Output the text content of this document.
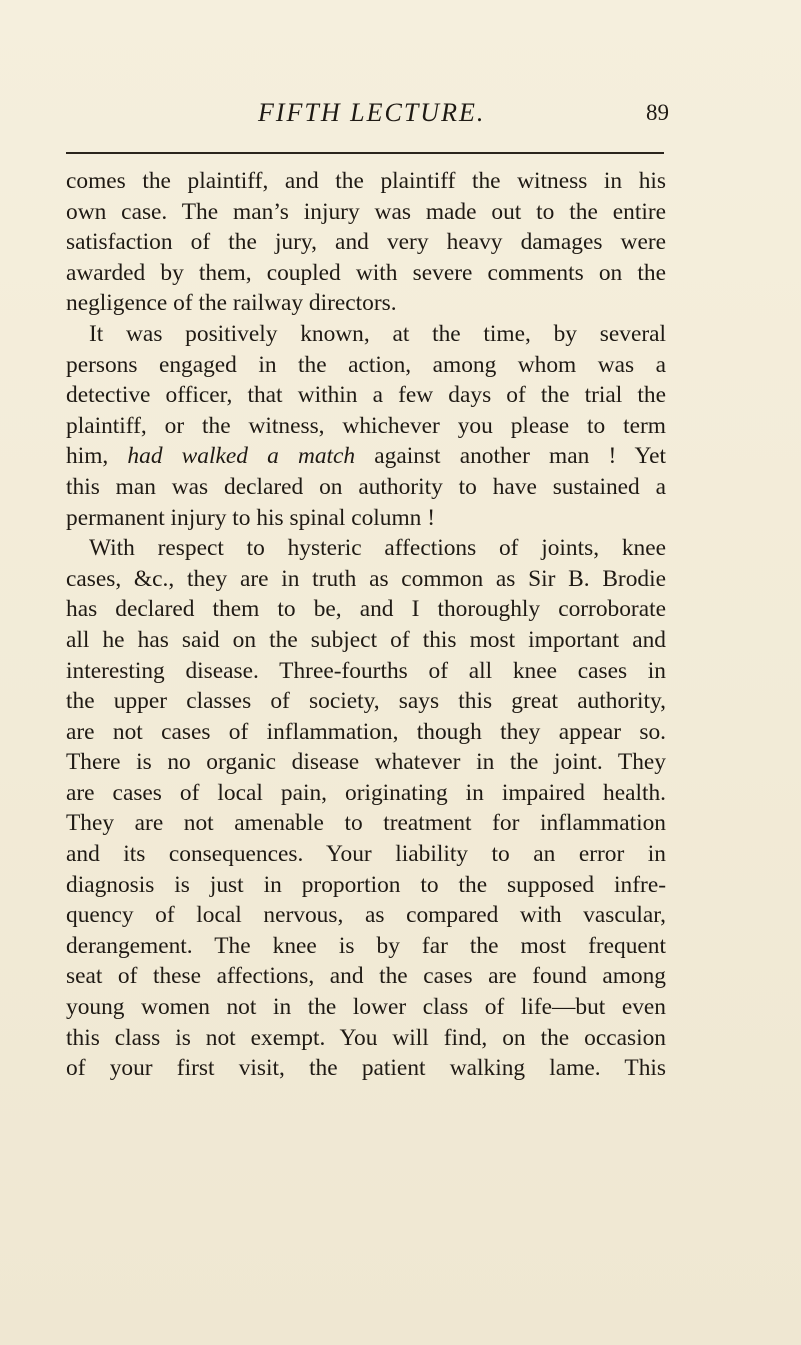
FIFTH LECTURE.	89
comes the plaintiff, and the plaintiff the witness in his
own case. The man’s injury was made out to the entire
satisfaction of the jury, and very heavy damages were
awarded by them, coupled with severe comments on the
negligence of the railway directors.
It was positively known, at the time, by several
persons engaged in the action, among whom was a
detective officer, that within a few days of the trial the
plaintiff, or the witness, whichever you please to term
him, had walked a match against another man ! Yet
this man was declared on authority to have sustained a
permanent injury to his spinal column !
With respect to hysteric affections of joints, knee
cases, &c., they are in truth as common as Sir B. Brodie
has declared them to be, and I thoroughly corroborate
all he has said on the subject of this most important and
interesting disease. Three-fourths of all knee cases in
the upper classes of society, says this great authority,
are not cases of inflammation, though they appear so.
There is no organic disease whatever in the joint. They
are cases of local pain, originating in impaired health.
They are not amenable to treatment for inflammation
and its consequences. Your liability to an error in
diagnosis is just in proportion to the supposed infre-
quency of local nervous, as compared with vascular,
derangement. The knee is by far the most frequent
seat of these affections, and the cases are found among
young women not in the lower class of life—but even
this class is not exempt. You will find, on the occasion
of your first visit, the patient walking lame. This
